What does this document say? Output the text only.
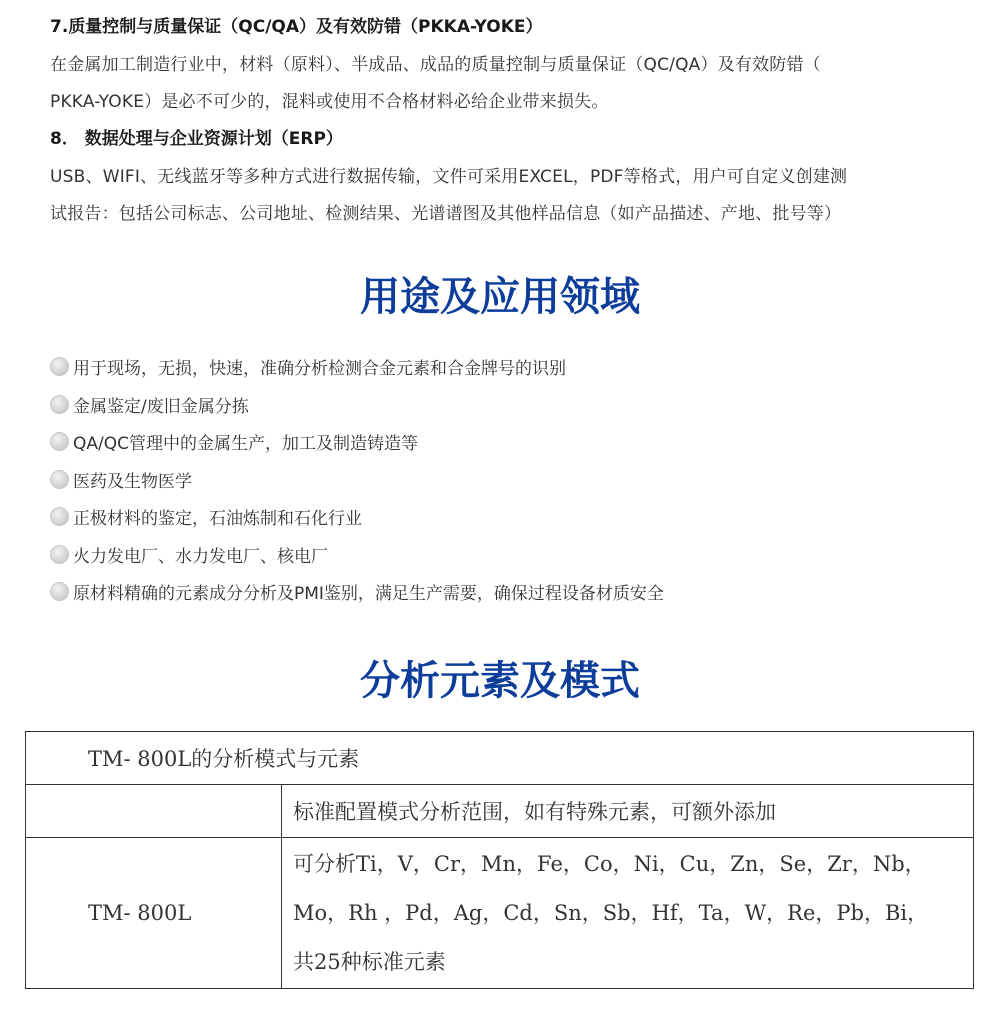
7.质量控制与质量保证（QC/QA）及有效防错（PKKA-YOKE）
在金属加工制造行业中，材料（原料）、半成品、成品的质量控制与质量保证（QC/QA）及有效防错（
PKKA-YOKE）是必不可少的，混料或使用不合格材料必给企业带来损失。
8． 数据处理与企业资源计划（ERP）
USB、WIFI、无线蓝牙等多种方式进行数据传输，文件可采用EXCEL，PDF等格式，用户可自定义创建测
试报告：包括公司标志、公司地址、检测结果、光谱谱图及其他样品信息（如产品描述、产地、批号等）
用途及应用领域
用于现场，无损，快速，准确分析检测合金元素和合金牌号的识别
金属鉴定/废旧金属分拣
QA/QC管理中的金属生产，加工及制造铸造等
医药及生物医学
正极材料的鉴定，石油炼制和石化行业
火力发电厂、水力发电厂、核电厂
原材料精确的元素成分分析及PMI鉴别，满足生产需要，确保过程设备材质安全
分析元素及模式
TM- 800L的分析模式与元素	

	标准配置模式分析范围，如有特殊元素，可额外添加

TM- 800L	可分析Ti，V，Cr，Mn，Fe，Co，Ni，Cu，Zn，Se，Zr，Nb，
Mo，Rh ，Pd，Ag，Cd，Sn，Sb，Hf，Ta，W，Re，Pb，Bi，
共25种标准元素
